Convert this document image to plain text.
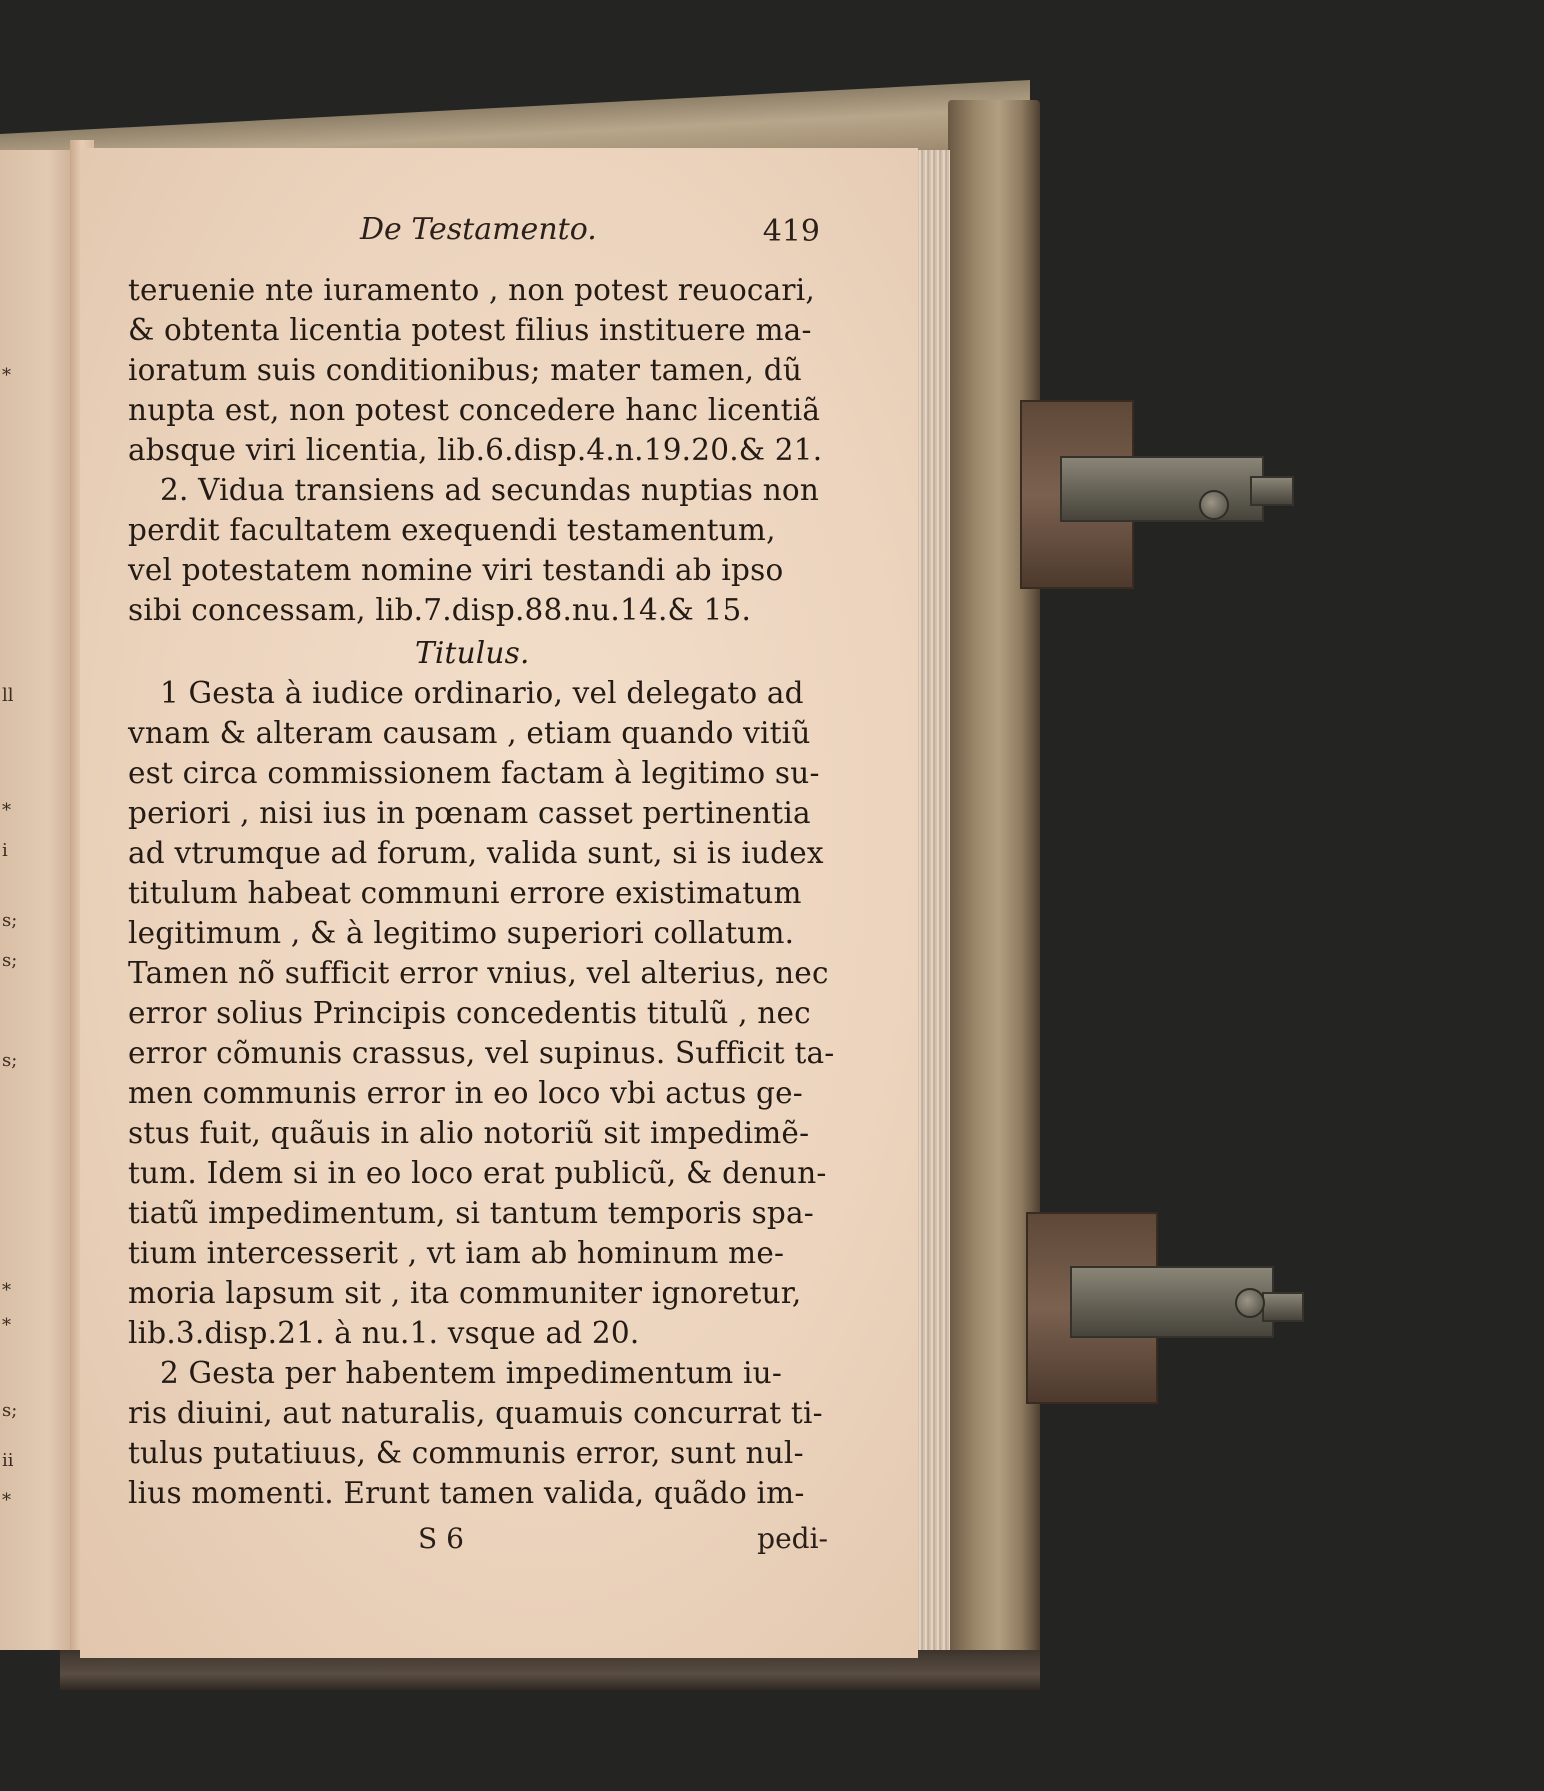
*
ll
*
i
s;
s;
s;
*
*
s;
ii
*
De Testamento.	419
teruenie nte iuramento , non potest reuocari,
& obtenta licentia potest filius instituere ma-
ioratum suis conditionibus; mater tamen, dũ
nupta est, non potest concedere hanc licentiã
absque viri licentia, lib.6.disp.4.n.19.20.& 21.
2. Vidua transiens ad secundas nuptias non
perdit facultatem exequendi testamentum,
vel potestatem nomine viri testandi ab ipso
sibi concessam, lib.7.disp.88.nu.14.& 15.
Titulus.
1 Gesta à iudice ordinario, vel delegato ad
vnam & alteram causam , etiam quando vitiũ
est circa commissionem factam à legitimo su-
periori , nisi ius in pœnam casset pertinentia
ad vtrumque ad forum, valida sunt, si is iudex
titulum habeat communi errore existimatum
legitimum , & à legitimo superiori collatum.
Tamen nõ sufficit error vnius, vel alterius, nec
error solius Principis concedentis titulũ , nec
error cõmunis crassus, vel supinus. Sufficit ta-
men communis error in eo loco vbi actus ge-
stus fuit, quãuis in alio notoriũ sit impedimẽ-
tum. Idem si in eo loco erat publicũ, & denun-
tiatũ impedimentum, si tantum temporis spa-
tium intercesserit , vt iam ab hominum me-
moria lapsum sit , ita communiter ignoretur,
lib.3.disp.21. à nu.1. vsque ad 20.
2 Gesta per habentem impedimentum iu-
ris diuini, aut naturalis, quamuis concurrat ti-
tulus putatiuus, & communis error, sunt nul-
lius momenti. Erunt tamen valida, quãdo im-
S 6	pedi-
